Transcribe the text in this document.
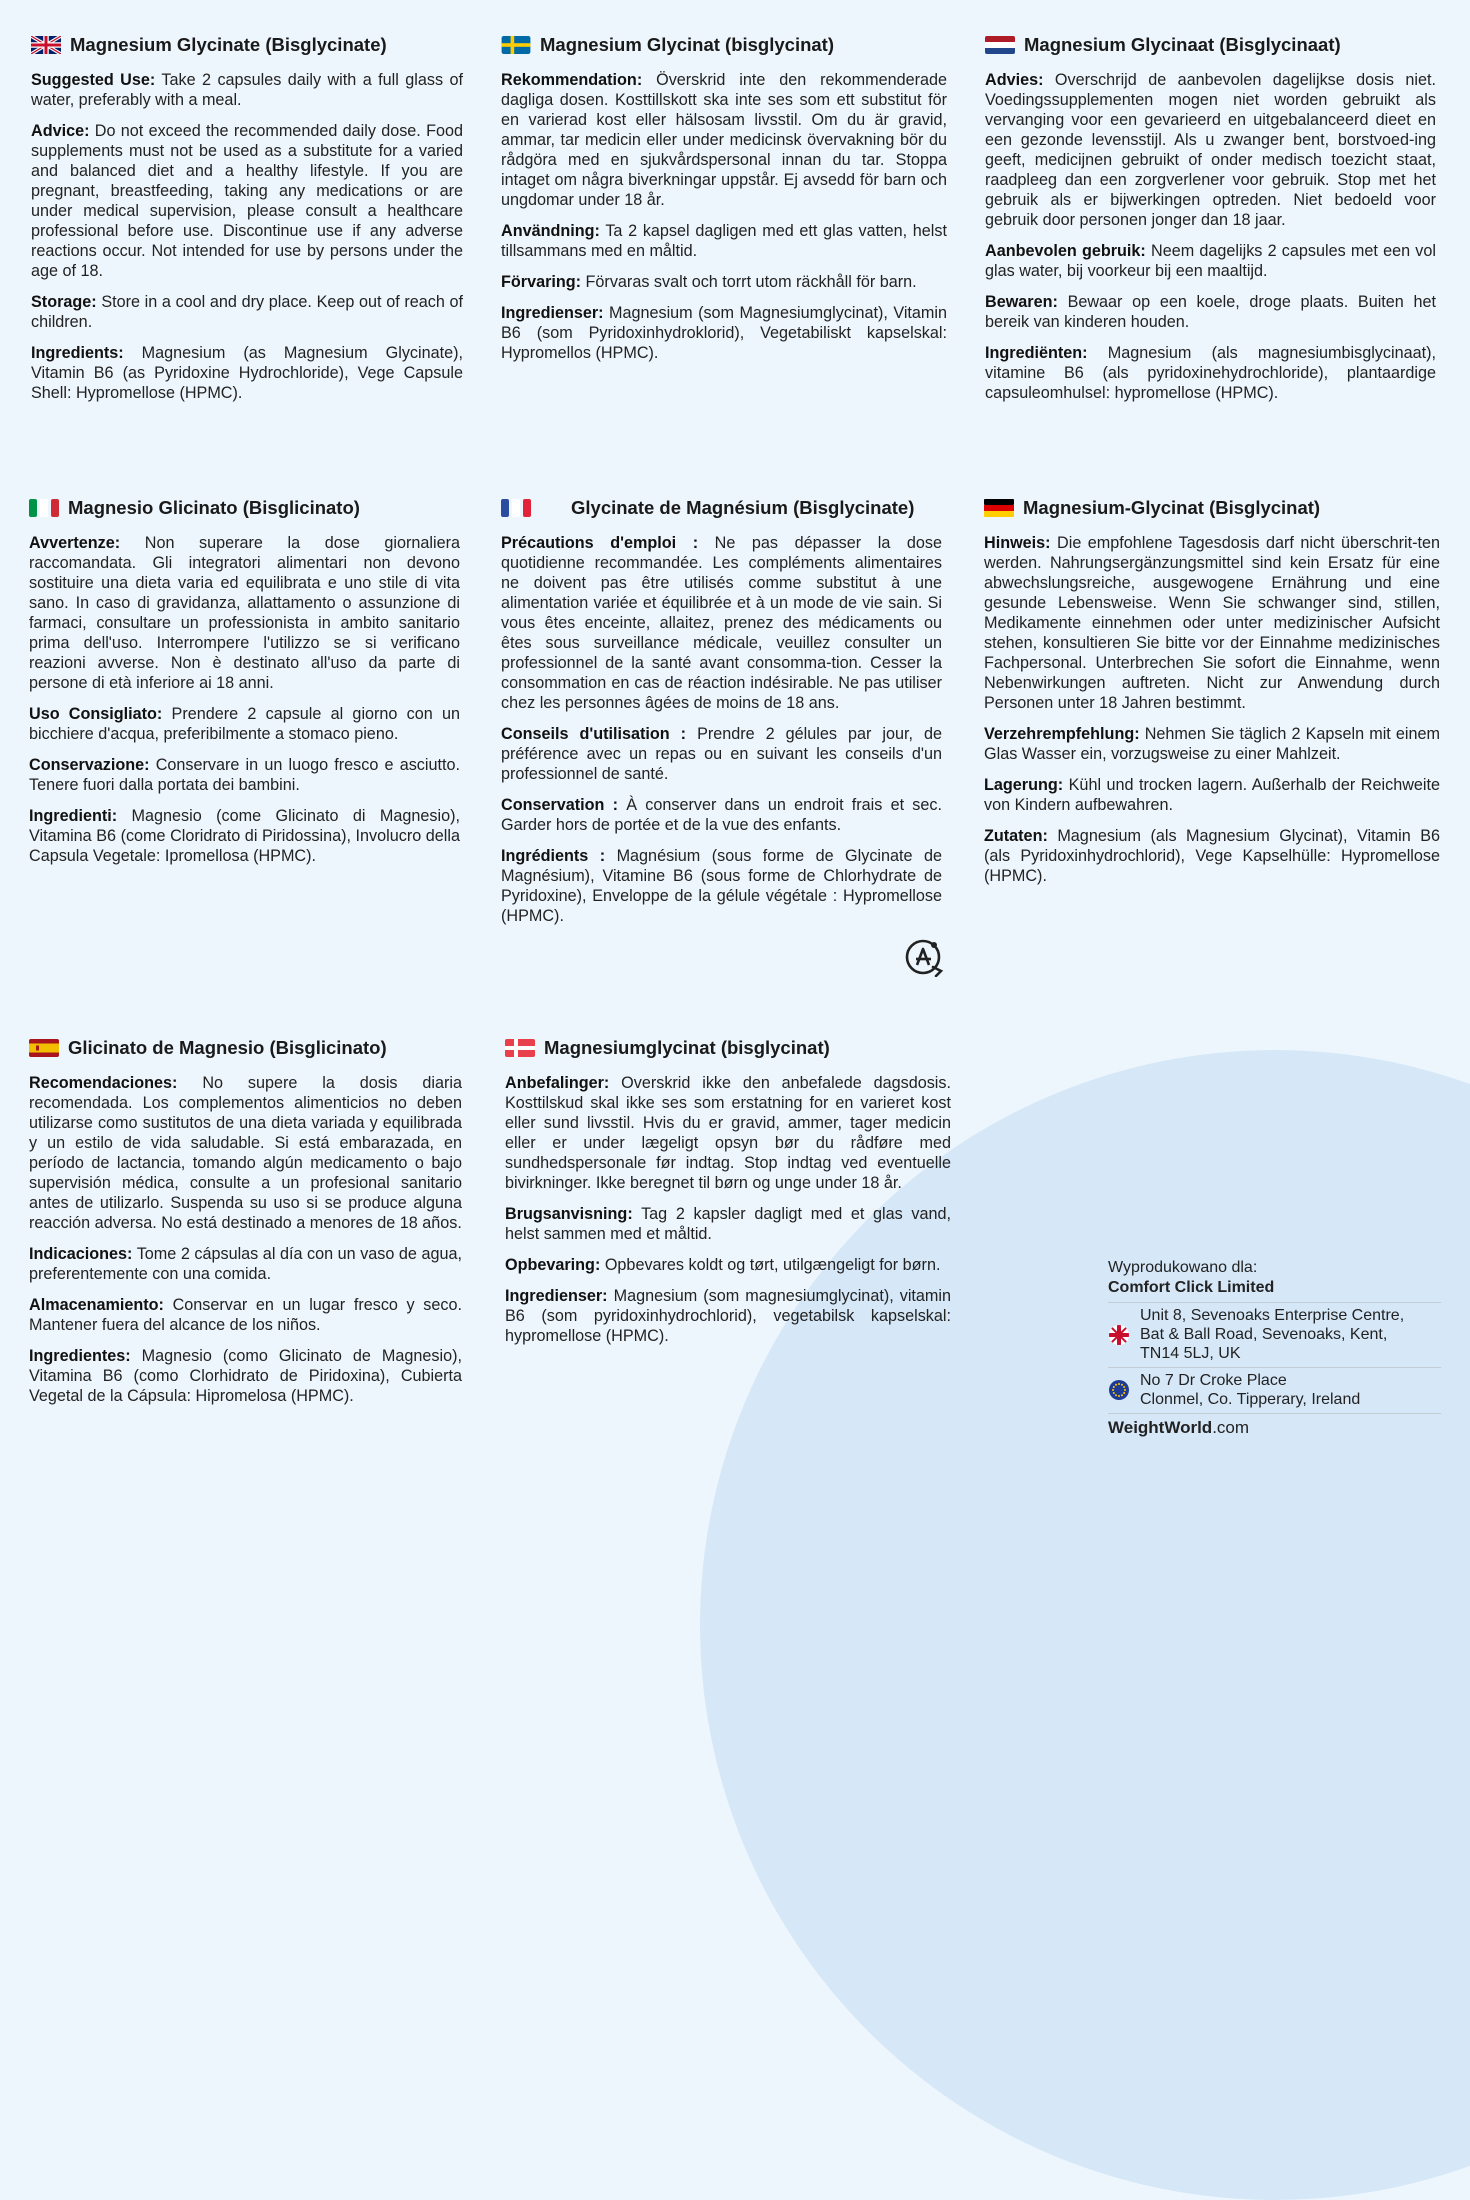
Magnesium Glycinate (Bisglycinate)

Suggested Use: Take 2 capsules daily with a full glass of water, preferably with a meal.

Advice: Do not exceed the recommended daily dose. Food supplements must not be used as a substitute for a varied and balanced diet and a healthy lifestyle. If you are pregnant, breastfeeding, taking any medications or are under medical supervision, please consult a healthcare professional before use. Discontinue use if any adverse reactions occur. Not intended for use by persons under the age of 18.

Storage: Store in a cool and dry place. Keep out of reach of children.

Ingredients: Magnesium (as Magnesium Glycinate), Vitamin B6 (as Pyridoxine Hydrochloride), Vege Capsule Shell: Hypromellose (HPMC).

Magnesium Glycinat (bisglycinat)

Rekommendation: Överskrid inte den rekommenderade dagliga dosen. Kosttillskott ska inte ses som ett substitut för en varierad kost eller hälsosam livsstil. Om du är gravid, ammar, tar medicin eller under medicinsk övervakning bör du rådgöra med en sjukvårdspersonal innan du tar. Stoppa intaget om några biverkningar uppstår. Ej avsedd för barn och ungdomar under 18 år.

Användning: Ta 2 kapsel dagligen med ett glas vatten, helst tillsammans med en måltid.

Förvaring: Förvaras svalt och torrt utom räckhåll för barn.

Ingredienser: Magnesium (som Magnesiumglycinat), Vitamin B6 (som Pyridoxinhydroklorid), Vegetabiliskt kapselskal: Hypromellos (HPMC).

Magnesium Glycinaat (Bisglycinaat)

Advies: Overschrijd de aanbevolen dagelijkse dosis niet. Voedingssupplementen mogen niet worden gebruikt als vervanging voor een gevarieerd en uitgebalanceerd dieet en een gezonde levensstijl. Als u zwanger bent, borstvoed-ing geeft, medicijnen gebruikt of onder medisch toezicht staat, raadpleeg dan een zorgverlener voor gebruik. Stop met het gebruik als er bijwerkingen optreden. Niet bedoeld voor gebruik door personen jonger dan 18 jaar.

Aanbevolen gebruik: Neem dagelijks 2 capsules met een vol glas water, bij voorkeur bij een maaltijd.

Bewaren: Bewaar op een koele, droge plaats. Buiten het bereik van kinderen houden.

Ingrediënten: Magnesium (als magnesiumbisglycinaat), vitamine B6 (als pyridoxinehydrochloride), plantaardige capsuleomhulsel: hypromellose (HPMC).

Magnesio Glicinato (Bisglicinato)

Avvertenze: Non superare la dose giornaliera raccomandata. Gli integratori alimentari non devono sostituire una dieta varia ed equilibrata e uno stile di vita sano. In caso di gravidanza, allattamento o assunzione di farmaci, consultare un professionista in ambito sanitario prima dell'uso. Interrompere l'utilizzo se si verificano reazioni avverse. Non è destinato all'uso da parte di persone di età inferiore ai 18 anni.

Uso Consigliato: Prendere 2 capsule al giorno con un bicchiere d'acqua, preferibilmente a stomaco pieno.

Conservazione: Conservare in un luogo fresco e asciutto. Tenere fuori dalla portata dei bambini.

Ingredienti: Magnesio (come Glicinato di Magnesio), Vitamina B6 (come Cloridrato di Piridossina), Involucro della Capsula Vegetale: Ipromellosa (HPMC).

Glycinate de Magnésium (Bisglycinate)

Précautions d'emploi : Ne pas dépasser la dose quotidienne recommandée. Les compléments alimentaires ne doivent pas être utilisés comme substitut à une alimentation variée et équilibrée et à un mode de vie sain. Si vous êtes enceinte, allaitez, prenez des médicaments ou êtes sous surveillance médicale, veuillez consulter un professionnel de la santé avant consomma-tion. Cesser la consommation en cas de réaction indésirable. Ne pas utiliser chez les personnes âgées de moins de 18 ans.

Conseils d'utilisation : Prendre 2 gélules par jour, de préférence avec un repas ou en suivant les conseils d'un professionnel de santé.

Conservation : À conserver dans un endroit frais et sec. Garder hors de portée et de la vue des enfants.

Ingrédients : Magnésium (sous forme de Glycinate de Magnésium), Vitamine B6 (sous forme de Chlorhydrate de Pyridoxine), Enveloppe de la gélule végétale : Hypromellose (HPMC).

Magnesium-Glycinat (Bisglycinat)

Hinweis: Die empfohlene Tagesdosis darf nicht überschrit-ten werden. Nahrungsergänzungsmittel sind kein Ersatz für eine abwechslungsreiche, ausgewogene Ernährung und eine gesunde Lebensweise. Wenn Sie schwanger sind, stillen, Medikamente einnehmen oder unter medizinischer Aufsicht stehen, konsultieren Sie bitte vor der Einnahme medizinisches Fachpersonal. Unterbrechen Sie sofort die Einnahme, wenn Nebenwirkungen auftreten. Nicht zur Anwendung durch Personen unter 18 Jahren bestimmt.

Verzehrempfehlung: Nehmen Sie täglich 2 Kapseln mit einem Glas Wasser ein, vorzugsweise zu einer Mahlzeit.

Lagerung: Kühl und trocken lagern. Außerhalb der Reichweite von Kindern aufbewahren.

Zutaten: Magnesium (als Magnesium Glycinat), Vitamin B6 (als Pyridoxinhydrochlorid), Vege Kapselhülle: Hypromellose (HPMC).

Glicinato de Magnesio (Bisglicinato)

Recomendaciones: No supere la dosis diaria recomendada. Los complementos alimenticios no deben utilizarse como sustitutos de una dieta variada y equilibrada y un estilo de vida saludable. Si está embarazada, en período de lactancia, tomando algún medicamento o bajo supervisión médica, consulte a un profesional sanitario antes de utilizarlo. Suspenda su uso si se produce alguna reacción adversa. No está destinado a menores de 18 años.

Indicaciones: Tome 2 cápsulas al día con un vaso de agua, preferentemente con una comida.

Almacenamiento: Conservar en un lugar fresco y seco. Mantener fuera del alcance de los niños.

Ingredientes: Magnesio (como Glicinato de Magnesio), Vitamina B6 (como Clorhidrato de Piridoxina), Cubierta Vegetal de la Cápsula: Hipromelosa (HPMC).

Magnesiumglycinat (bisglycinat)

Anbefalinger: Overskrid ikke den anbefalede dagsdosis. Kosttilskud skal ikke ses som erstatning for en varieret kost eller sund livsstil. Hvis du er gravid, ammer, tager medicin eller er under lægeligt opsyn bør du rådføre med sundhedspersonale før indtag. Stop indtag ved eventuelle bivirkninger. Ikke beregnet til børn og unge under 18 år.

Brugsanvisning: Tag 2 kapsler dagligt med et glas vand, helst sammen med et måltid.

Opbevaring: Opbevares koldt og tørt, utilgængeligt for børn.

Ingredienser: Magnesium (som magnesiumglycinat), vitamin B6 (som pyridoxinhydrochlorid), vegetabilsk kapselskal: hypromellose (HPMC).

Wyprodukowano dla:
Comfort Click Limited
Unit 8, Sevenoaks Enterprise Centre,
Bat & Ball Road, Sevenoaks, Kent,
TN14 5LJ, UK
No 7 Dr Croke Place
Clonmel, Co. Tipperary, Ireland
WeightWorld.com
